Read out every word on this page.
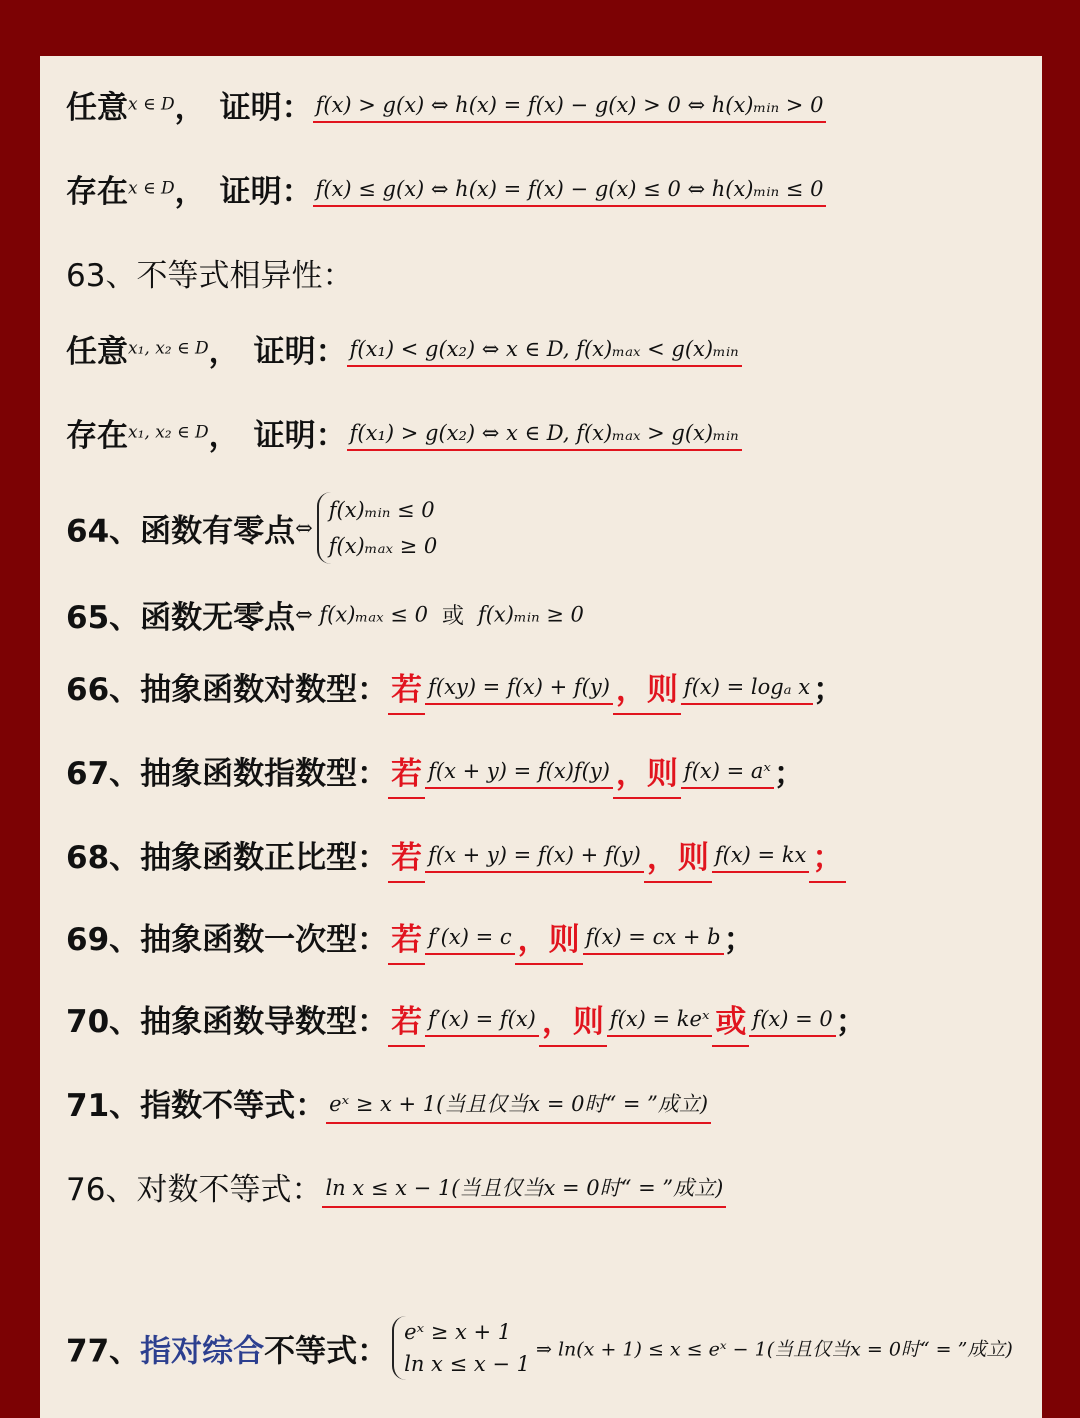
任意x ∈ D， 证明： f(x) > g(x) ⇔ h(x) = f(x) − g(x) > 0 ⇔ h(x)ₘᵢₙ > 0
存在x ∈ D， 证明： f(x) ≤ g(x) ⇔ h(x) = f(x) − g(x) ≤ 0 ⇔ h(x)ₘᵢₙ ≤ 0
63、不等式相异性：
任意x₁, x₂ ∈ D， 证明： f(x₁) < g(x₂) ⇔ x ∈ D, f(x)ₘₐₓ < g(x)ₘᵢₙ
存在x₁, x₂ ∈ D， 证明： f(x₁) > g(x₂) ⇔ x ∈ D, f(x)ₘₐₓ > g(x)ₘᵢₙ
64、函数有零点⇔
f(x)ₘᵢₙ ≤ 0
f(x)ₘₐₓ ≥ 0
65、函数无零点⇔ f(x)ₘₐₓ ≤ 0 或 f(x)ₘᵢₙ ≥ 0
66、抽象函数对数型：若 f(xy) = f(x) + f(y) ，则 f(x) = logₐ x；
67、抽象函数指数型：若 f(x + y) = f(x)f(y) ，则 f(x) = aˣ；
68、抽象函数正比型：若 f(x + y) = f(x) + f(y) ，则 f(x) = kx ；
69、抽象函数一次型：若 f′(x) = c ，则 f(x) = cx + b；
70、抽象函数导数型：若 f′(x) = f(x) ，则 f(x) = keˣ 或 f(x) = 0；
71、指数不等式： eˣ ≥ x + 1(当且仅当x = 0时“ = ”成立)
76、对数不等式： ln x ≤ x − 1(当且仅当x = 0时“ = ”成立)
77、指对综合不等式：
eˣ ≥ x + 1
ln x ≤ x − 1
⇒ ln(x + 1) ≤ x ≤ eˣ − 1(当且仅当x = 0时“ = ”成立)
